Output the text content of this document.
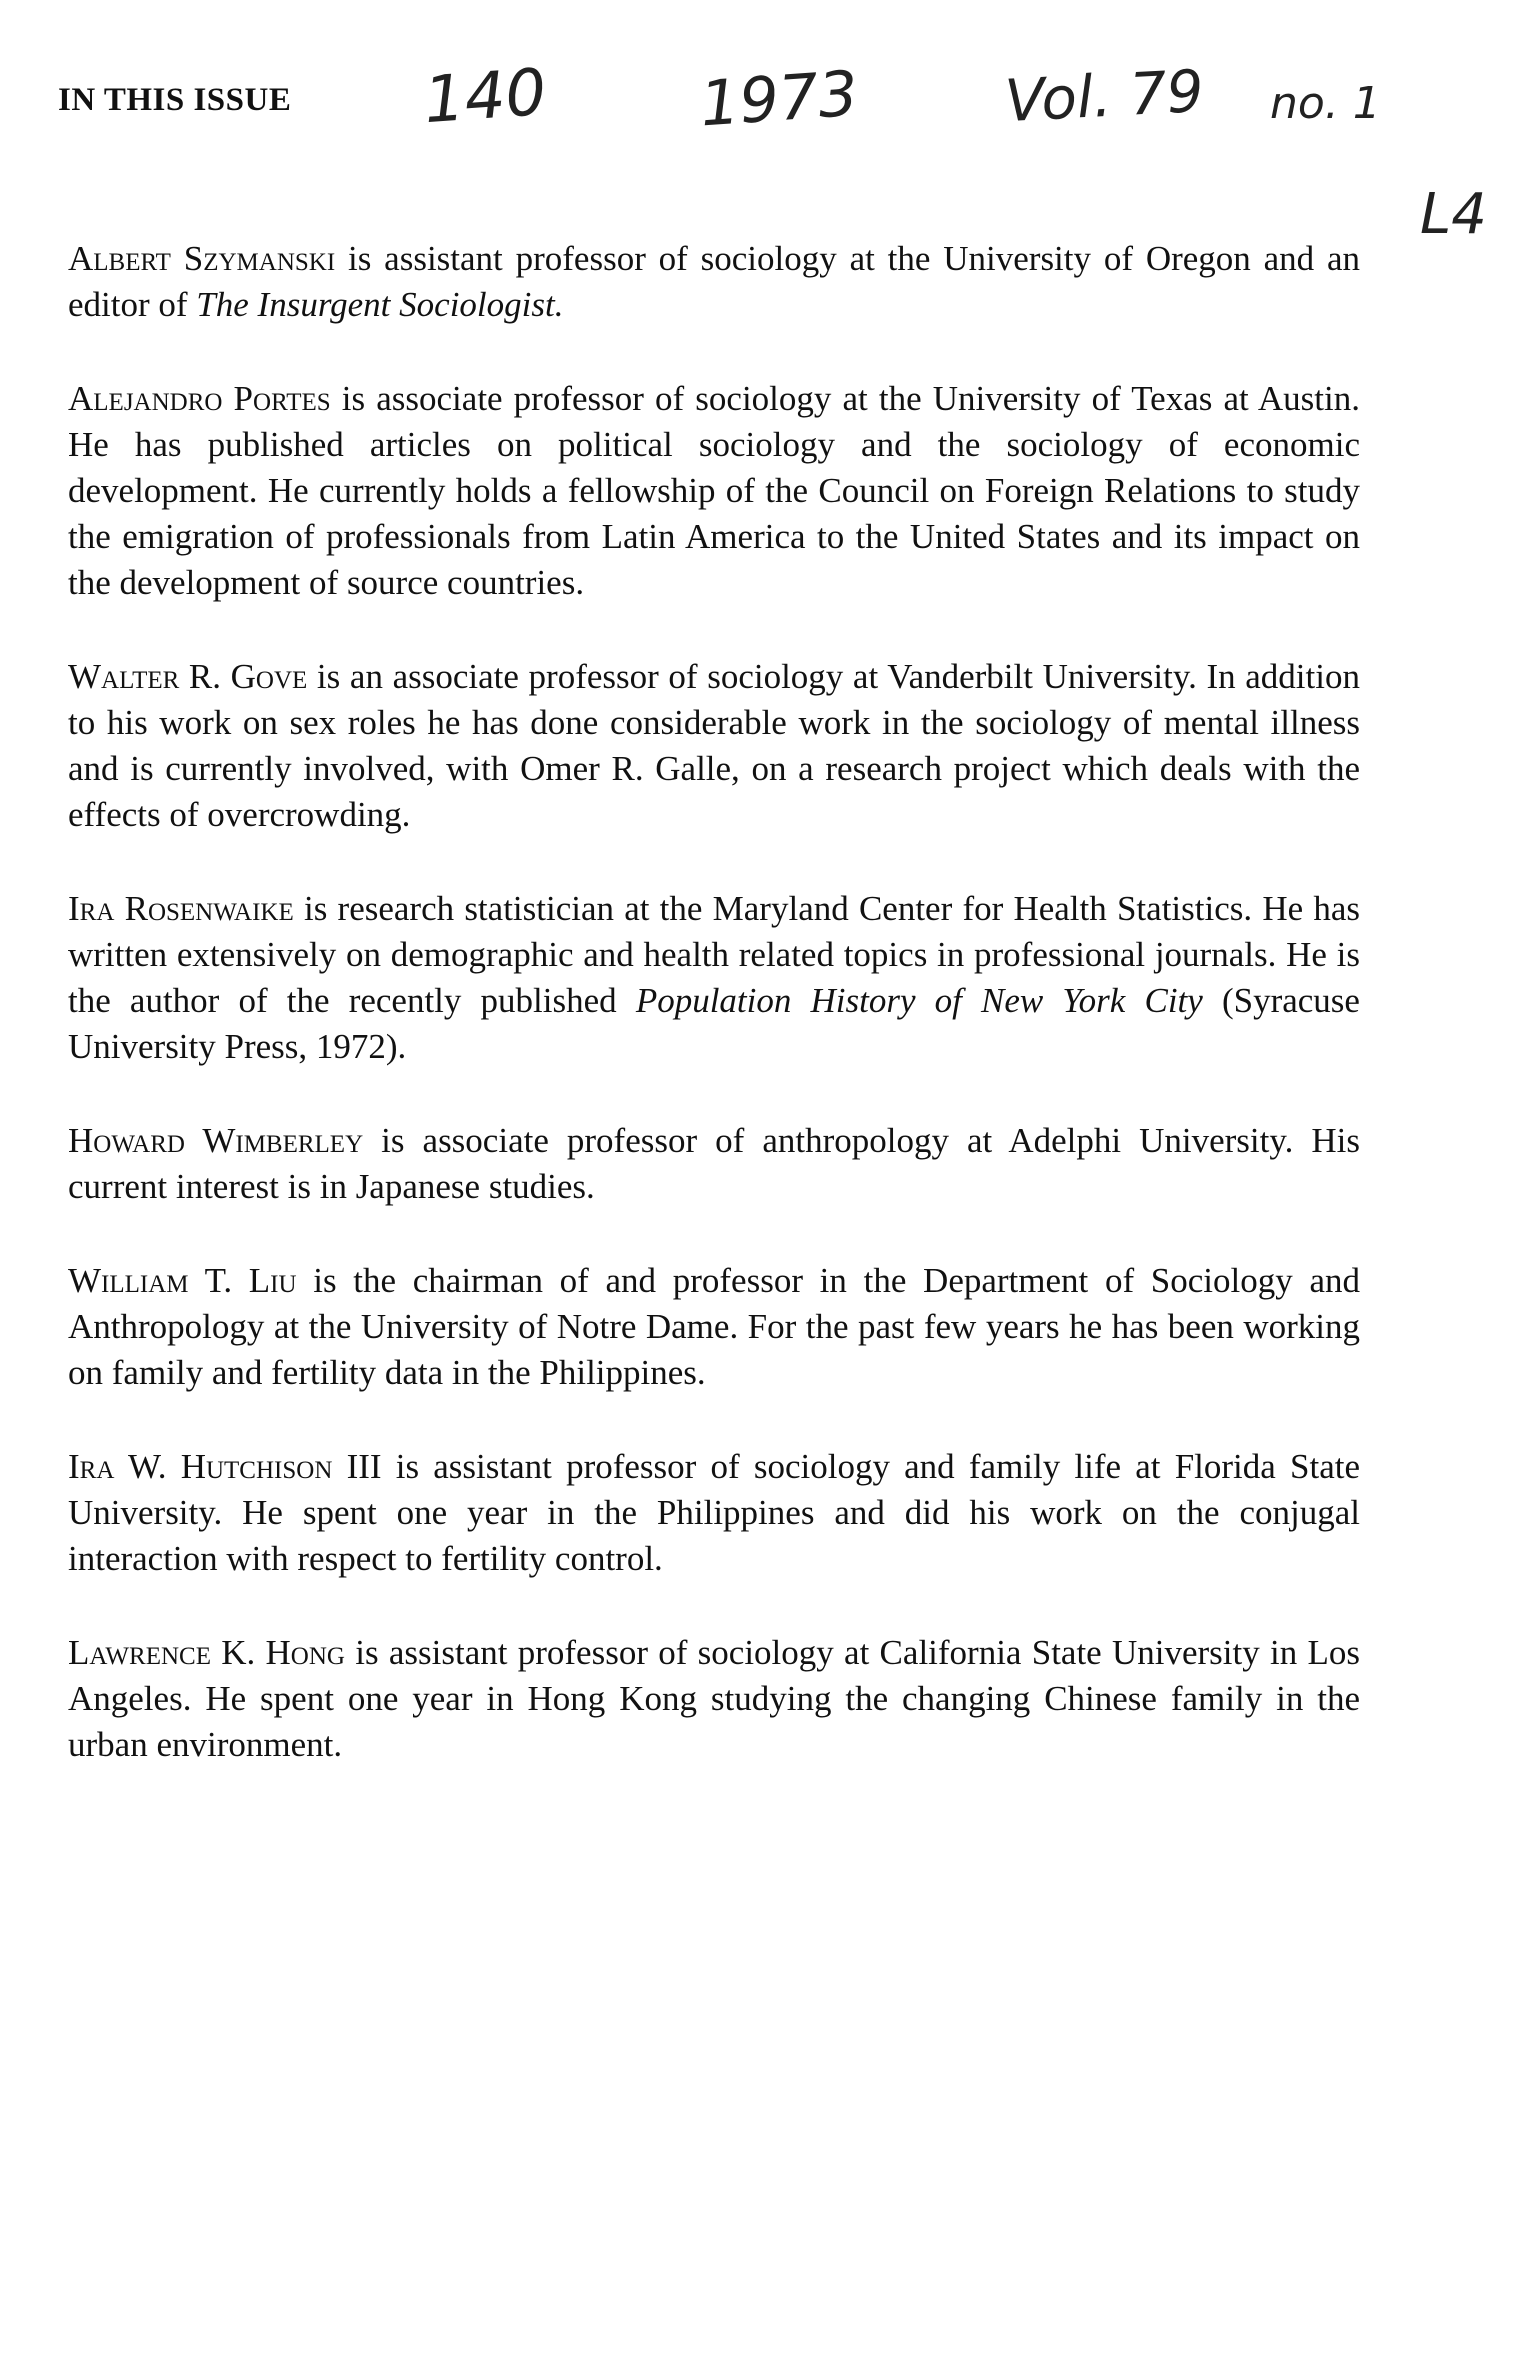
IN THIS ISSUE 140 1973 Vol. 79 no. 1
L4

Albert Szymanski is assistant professor of sociology at the University of Oregon and an editor of The Insurgent Sociologist.

Alejandro Portes is associate professor of sociology at the University of Texas at Austin. He has published articles on political sociology and the sociology of economic development. He currently holds a fellowship of the Council on Foreign Relations to study the emigration of professionals from Latin America to the United States and its impact on the development of source countries.

Walter R. Gove is an associate professor of sociology at Vanderbilt University. In addition to his work on sex roles he has done considerable work in the sociology of mental illness and is currently involved, with Omer R. Galle, on a research project which deals with the effects of overcrowding.

Ira Rosenwaike is research statistician at the Maryland Center for Health Statistics. He has written extensively on demographic and health related topics in professional journals. He is the author of the recently published Population History of New York City (Syracuse University Press, 1972).

Howard Wimberley is associate professor of anthropology at Adelphi University. His current interest is in Japanese studies.

William T. Liu is the chairman of and professor in the Department of Sociology and Anthropology at the University of Notre Dame. For the past few years he has been working on family and fertility data in the Philippines.

Ira W. Hutchison III is assistant professor of sociology and family life at Florida State University. He spent one year in the Philippines and did his work on the conjugal interaction with respect to fertility control.

Lawrence K. Hong is assistant professor of sociology at California State University in Los Angeles. He spent one year in Hong Kong studying the changing Chinese family in the urban environment.
